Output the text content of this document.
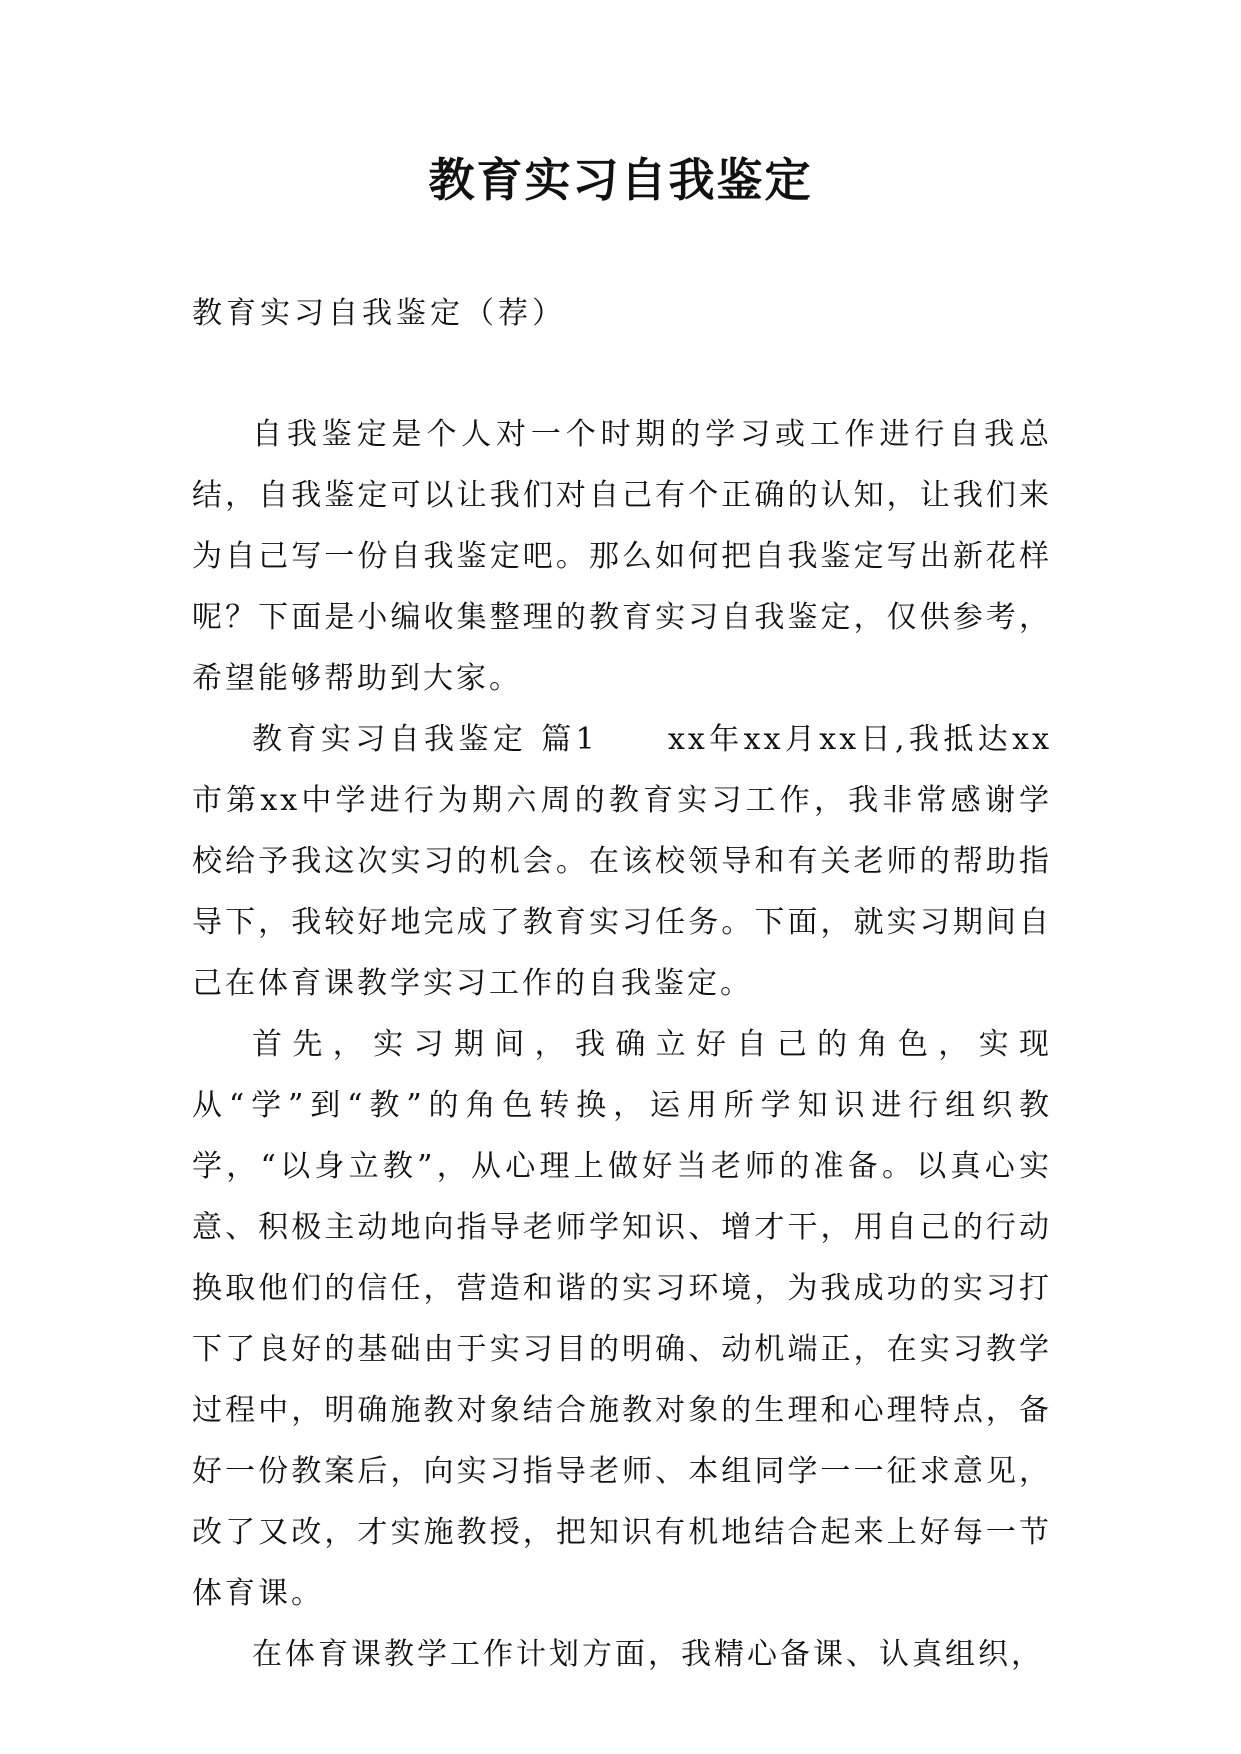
教育实习自我鉴定
教育实习自我鉴定（荐）

自我鉴定是个人对一个时期的学习或工作进行自我总结，自我鉴定可以让我们对自己有个正确的认知，让我们来为自己写一份自我鉴定吧。那么如何把自我鉴定写出新花样呢？下面是小编收集整理的教育实习自我鉴定，仅供参考，希望能够帮助到大家。

教育实习自我鉴定 篇1　　xx年xx月xx日,我抵达xx市第xx中学进行为期六周的教育实习工作，我非常感谢学校给予我这次实习的机会。在该校领导和有关老师的帮助指导下，我较好地完成了教育实习任务。下面，就实习期间自己在体育课教学实习工作的自我鉴定。

首先，实习期间，我确立好自己的角色，实现从“学”到“教”的角色转换，运用所学知识进行组织教学，“以身立教”，从心理上做好当老师的准备。以真心实意、积极主动地向指导老师学知识、增才干，用自己的行动换取他们的信任，营造和谐的实习环境，为我成功的实习打下了良好的基础由于实习目的明确、动机端正，在实习教学过程中，明确施教对象结合施教对象的生理和心理特点，备好一份教案后，向实习指导老师、本组同学一一征求意见，改了又改，才实施教授，把知识有机地结合起来上好每一节体育课。

在体育课教学工作计划方面，我精心备课、认真组织，
